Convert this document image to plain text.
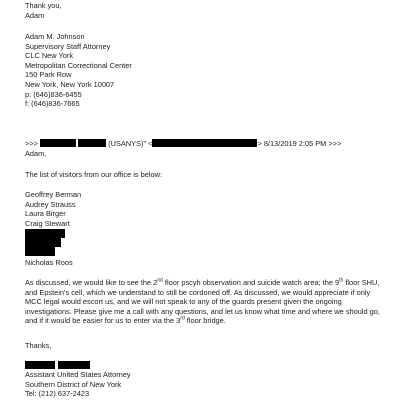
Thank you,
Adam
Adam M. Johnson
Supervisory Staff Attorney
CLC New York
Metropolitan Correctional Center
150 Park Row
New York, New York 10007
p: (646)836-6455
f: (646)836-7665
>>>	(USANYS)" <	> 8/13/2019 2:05 PM >>>
Adam,
The list of visitors from our office is below:
Geoffrey Berman
Audrey Strauss
Laura Birger
Craig Stewart
Nicholas Roos
As discussed, we would like to see the 2nd floor pscyh observation and suicide watch area; the 9th floor SHU, and Epstein's cell, which we understand to still be cordoned off. As discussed, we would appreciate if only MCC legal would escort us, and we will not speak to any of the guards present given the ongoing investigations. Please give me a call with any questions, and let us know what time and where we should go, and if it would be easier for us to enter via the 3rd floor bridge.
Thanks,
Assistant United States Attorney
Southern District of New York
Tel: (212) 637-2423
